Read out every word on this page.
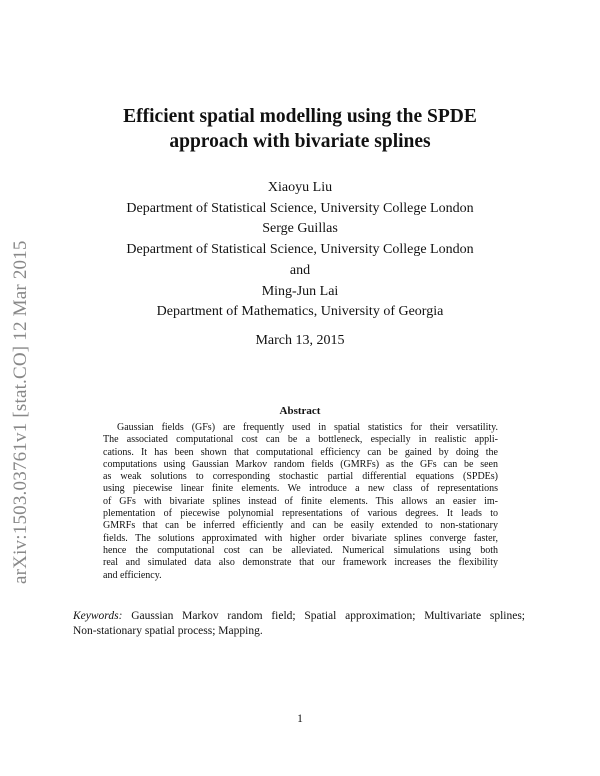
arXiv:1503.03761v1 [stat.CO] 12 Mar 2015
Efficient spatial modelling using the SPDE
approach with bivariate splines
Xiaoyu Liu
Department of Statistical Science, University College London
Serge Guillas
Department of Statistical Science, University College London
and
Ming-Jun Lai
Department of Mathematics, University of Georgia
March 13, 2015
Abstract
Gaussian fields (GFs) are frequently used in spatial statistics for their versatility.
The associated computational cost can be a bottleneck, especially in realistic appli-
cations. It has been shown that computational efficiency can be gained by doing the
computations using Gaussian Markov random fields (GMRFs) as the GFs can be seen
as weak solutions to corresponding stochastic partial differential equations (SPDEs)
using piecewise linear finite elements. We introduce a new class of representations
of GFs with bivariate splines instead of finite elements. This allows an easier im-
plementation of piecewise polynomial representations of various degrees. It leads to
GMRFs that can be inferred efficiently and can be easily extended to non-stationary
fields. The solutions approximated with higher order bivariate splines converge faster,
hence the computational cost can be alleviated. Numerical simulations using both
real and simulated data also demonstrate that our framework increases the flexibility
and efficiency.
Keywords: Gaussian Markov random field; Spatial approximation; Multivariate splines;
Non-stationary spatial process; Mapping.
1
